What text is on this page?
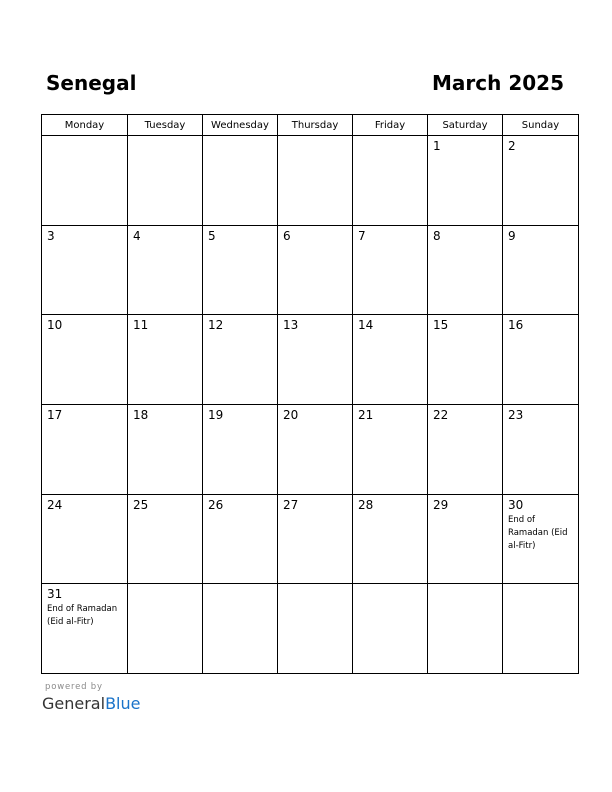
Senegal	March 2025
Monday	Tuesday	Wednesday	Thursday	Friday	Saturday	Sunday

					1	2

3	4	5	6	7	8	9

10	11	12	13	14	15	16

17	18	19	20	21	22	23

24	25	26	27	28	29	30
End of Ramadan (Eid al-Fitr)

31
End of Ramadan (Eid al-Fitr)						

powered by
GeneralBlue
